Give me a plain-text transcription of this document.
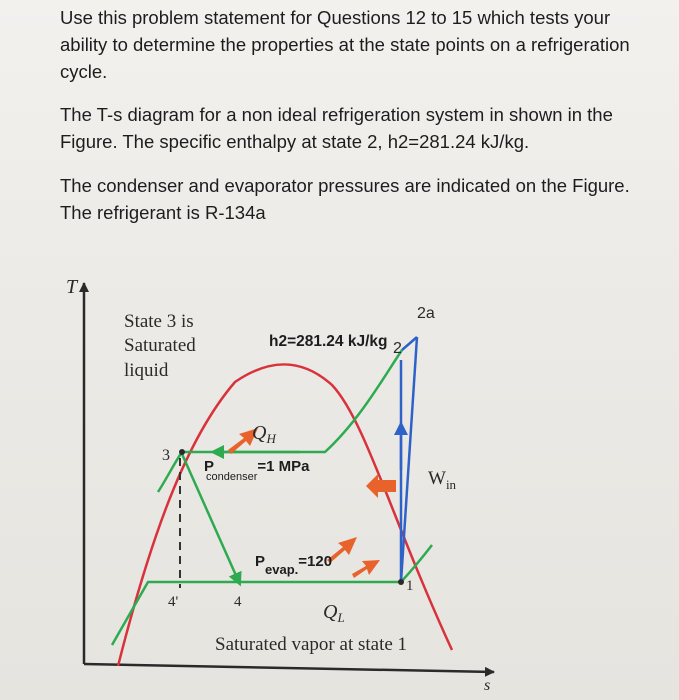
Use this problem statement for Questions 12 to 15 which tests your ability to determine the properties at the state points on a refrigeration cycle.

The T-s diagram for a non ideal refrigeration system in shown in the Figure. The specific enthalpy at state 2, h2=281.24 kJ/kg.

The condenser and evaporator pressures are indicated on the Figure. The refrigerant is R-134a

T
s
State 3 is
Saturated
liquid
h2=281.24 kJ/kg 2
2a
3
4'	4
1
$Q_H$
$Q_L$
$W_{in}$
P condenser=1 MPa
Pevap.=120
Saturated vapor at state 1
